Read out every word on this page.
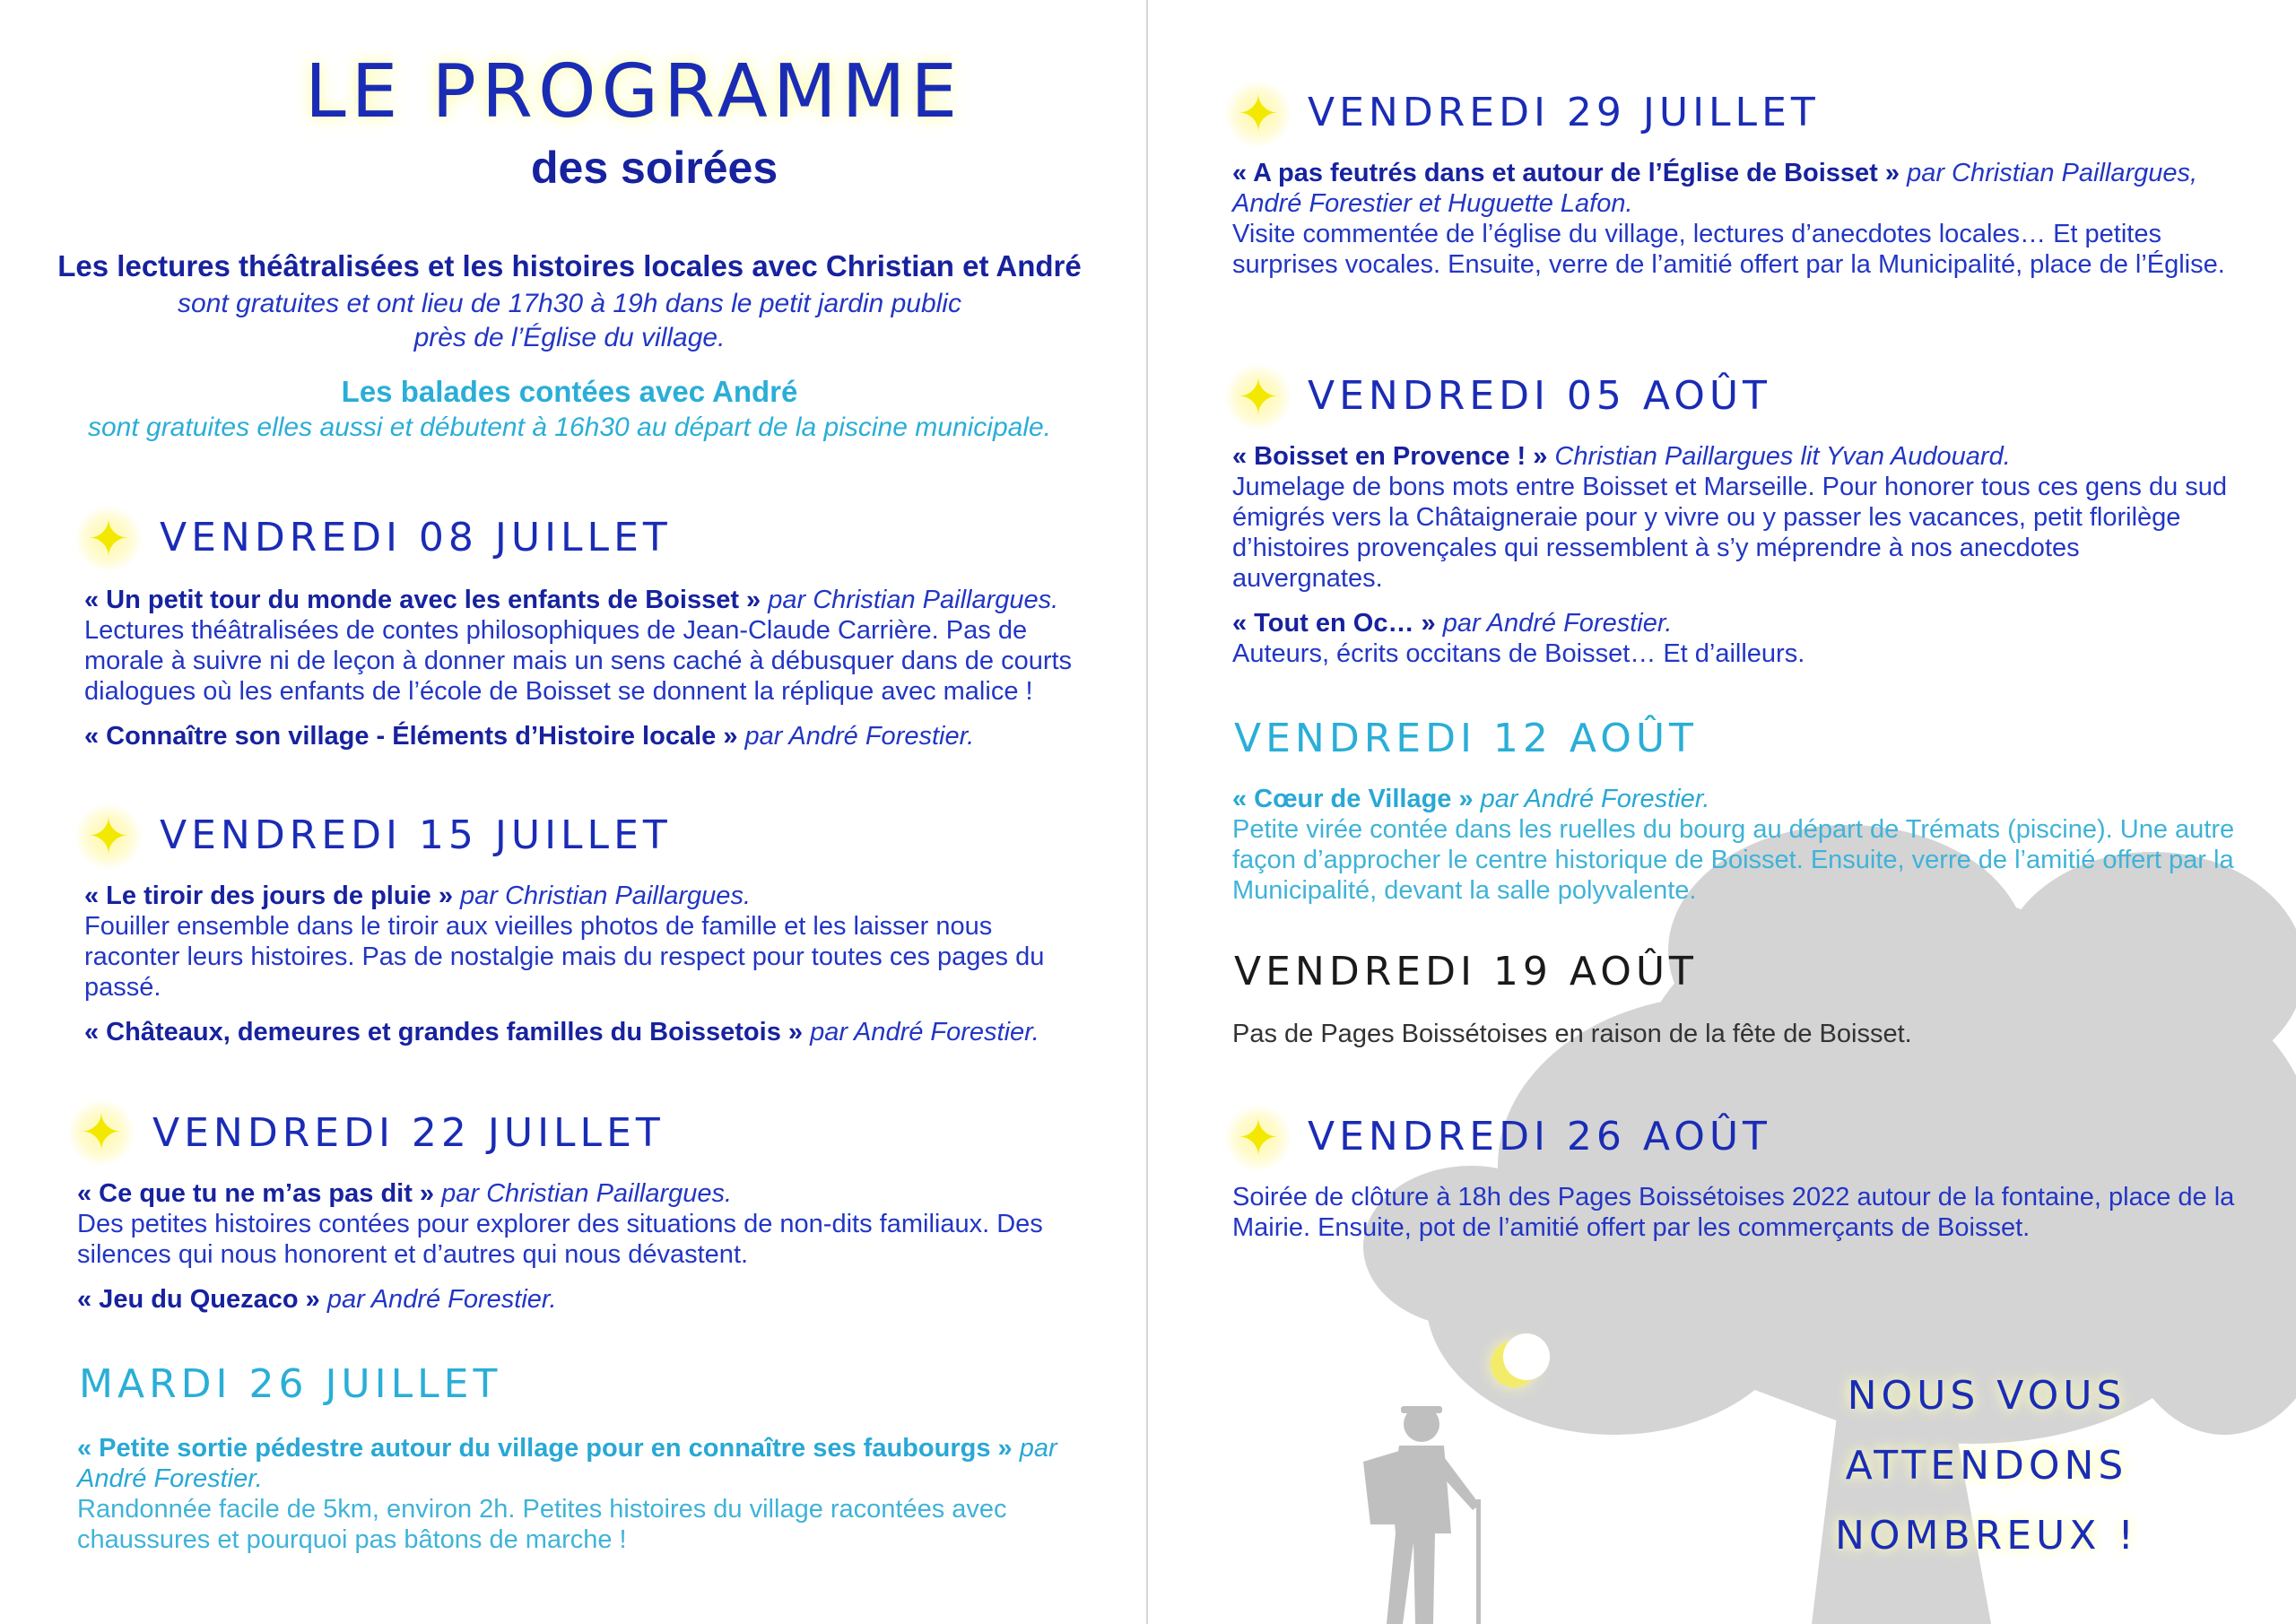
LE PROGRAMME
des soirées
Les lectures théâtralisées et les histoires locales avec Christian et André
sont gratuites et ont lieu de 17h30 à 19h dans le petit jardin public
près de l’Église du village.
Les balades contées avec André
sont gratuites elles aussi et débutent à 16h30 au départ de la piscine municipale.
✦ VENDREDI 08 JUILLET
« Un petit tour du monde avec les enfants de Boisset » par Christian Paillargues.
Lectures théâtralisées de contes philosophiques de Jean-Claude Carrière. Pas de morale à suivre ni de leçon à donner mais un sens caché à débusquer dans de courts dialogues où les enfants de l’école de Boisset se donnent la réplique avec malice !
« Connaître son village - Éléments d’Histoire locale » par André Forestier.
✦ VENDREDI 15 JUILLET
« Le tiroir des jours de pluie » par Christian Paillargues.
Fouiller ensemble dans le tiroir aux vieilles photos de famille et les laisser nous raconter leurs histoires. Pas de nostalgie mais du respect pour toutes ces pages du passé.
« Châteaux, demeures et grandes familles du Boissetois » par André Forestier.
✦ VENDREDI 22 JUILLET
« Ce que tu ne m’as pas dit » par Christian Paillargues.
Des petites histoires contées pour explorer des situations de non-dits familiaux. Des silences qui nous honorent et d’autres qui nous dévastent.
« Jeu du Quezaco » par André Forestier.
MARDI 26 JUILLET
« Petite sortie pédestre autour du village pour en connaître ses faubourgs » par André Forestier.
Randonnée facile de 5km, environ 2h. Petites histoires du village racontées avec chaussures et pourquoi pas bâtons de marche !
✦ VENDREDI 29 JUILLET
« A pas feutrés dans et autour de l’Église de Boisset » par Christian Paillargues, André Forestier et Huguette Lafon.
Visite commentée de l’église du village, lectures d’anecdotes locales… Et petites surprises vocales. Ensuite, verre de l’amitié offert par la Municipalité, place de l’Église.
✦ VENDREDI 05 AOÛT
« Boisset en Provence ! » Christian Paillargues lit Yvan Audouard.
Jumelage de bons mots entre Boisset et Marseille. Pour honorer tous ces gens du sud émigrés vers la Châtaigneraie pour y vivre ou y passer les vacances, petit florilège d’histoires provençales qui ressemblent à s’y méprendre à nos anecdotes auvergnates.
« Tout en Oc… » par André Forestier.
Auteurs, écrits occitans de Boisset… Et d’ailleurs.
VENDREDI 12 AOÛT
« Cœur de Village » par André Forestier.
Petite virée contée dans les ruelles du bourg au départ de Trémats (piscine). Une autre façon d’approcher le centre historique de Boisset. Ensuite, verre de l’amitié offert par la Municipalité, devant la salle polyvalente.
VENDREDI 19 AOÛT
Pas de Pages Boissétoises en raison de la fête de Boisset.
✦ VENDREDI 26 AOÛT
Soirée de clôture à 18h des Pages Boissétoises 2022 autour de la fontaine, place de la Mairie. Ensuite, pot de l’amitié offert par les commerçants de Boisset.
NOUS VOUS ATTENDONS
NOMBREUX !
